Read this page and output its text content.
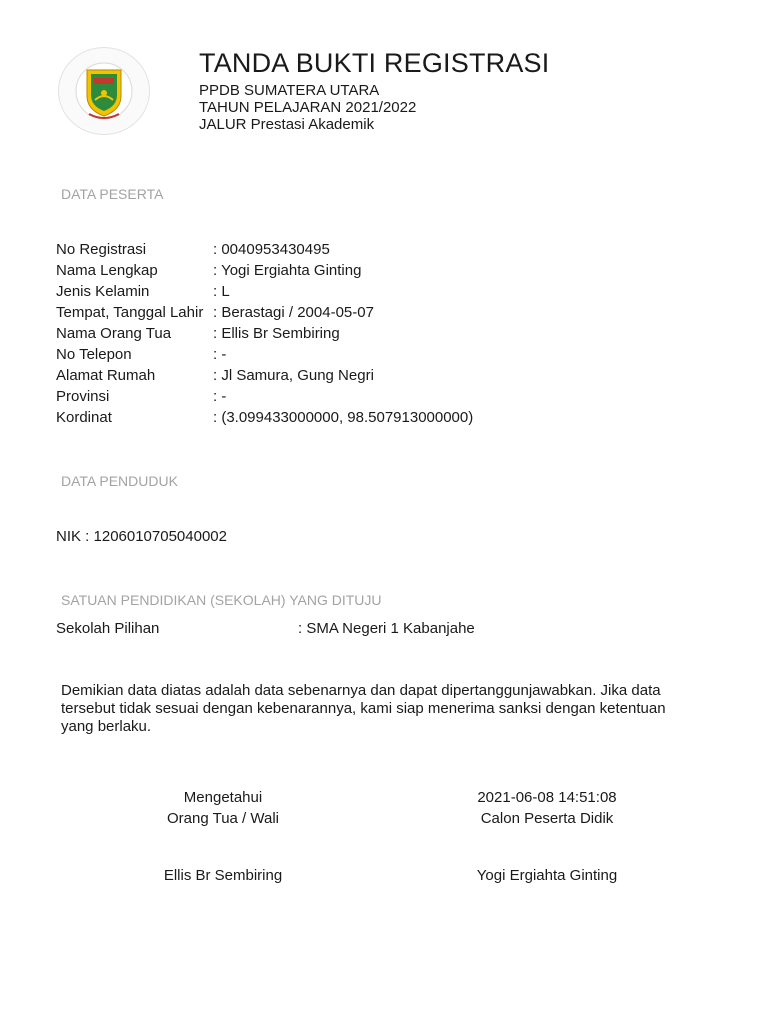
TANDA BUKTI REGISTRASI
PPDB SUMATERA UTARA
TAHUN PELAJARAN 2021/2022
JALUR Prestasi Akademik
DATA PESERTA
No Registrasi	: 0040953430495
Nama Lengkap	: Yogi Ergiahta Ginting
Jenis Kelamin	: L
Tempat, Tanggal Lahir : Berastagi / 2004-05-07
Nama Orang Tua	: Ellis Br Sembiring
No Telepon	: -
Alamat Rumah	: Jl Samura, Gung Negri
Provinsi	: -
Kordinat	: (3.099433000000, 98.507913000000)
DATA PENDUDUK
NIK : 1206010705040002
SATUAN PENDIDIKAN (SEKOLAH) YANG DITUJU
Sekolah Pilihan	: SMA Negeri 1 Kabanjahe
Demikian data diatas adalah data sebenarnya dan dapat dipertanggunjawabkan. Jika data tersebut tidak sesuai dengan kebenarannya, kami siap menerima sanksi dengan ketentuan yang berlaku.
Mengetahui
Orang Tua / Wali
Ellis Br Sembiring
2021-06-08 14:51:08
Calon Peserta Didik
Yogi Ergiahta Ginting
